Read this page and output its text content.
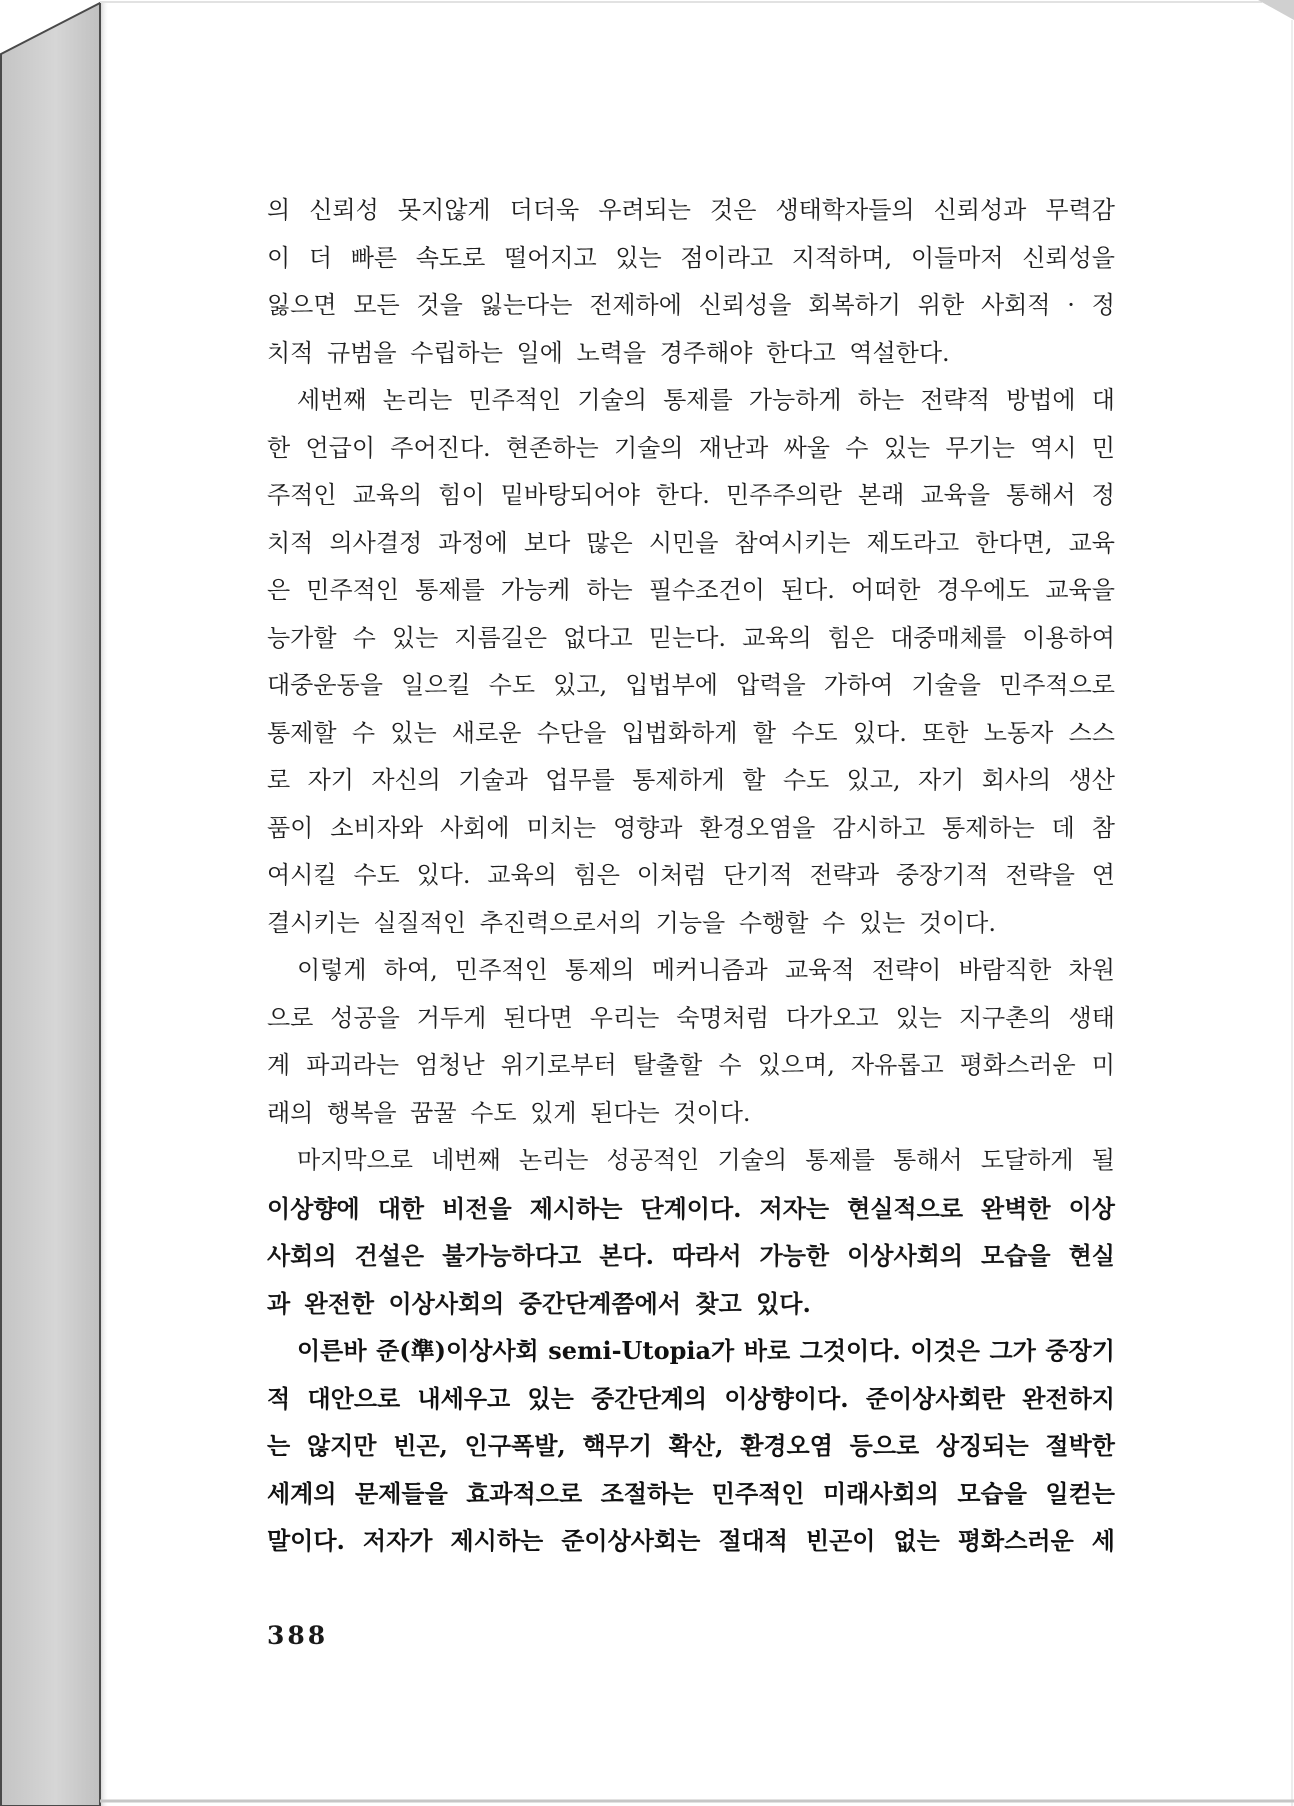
의 신뢰성 못지않게 더더욱 우려되는 것은 생태학자들의 신뢰성과 무력감
이 더 빠른 속도로 떨어지고 있는 점이라고 지적하며, 이들마저 신뢰성을
잃으면 모든 것을 잃는다는 전제하에 신뢰성을 회복하기 위한 사회적 · 정
치적 규범을 수립하는 일에 노력을 경주해야 한다고 역설한다.
세번째 논리는 민주적인 기술의 통제를 가능하게 하는 전략적 방법에 대
한 언급이 주어진다. 현존하는 기술의 재난과 싸울 수 있는 무기는 역시 민
주적인 교육의 힘이 밑바탕되어야 한다. 민주주의란 본래 교육을 통해서 정
치적 의사결정 과정에 보다 많은 시민을 참여시키는 제도라고 한다면, 교육
은 민주적인 통제를 가능케 하는 필수조건이 된다. 어떠한 경우에도 교육을
능가할 수 있는 지름길은 없다고 믿는다. 교육의 힘은 대중매체를 이용하여
대중운동을 일으킬 수도 있고, 입법부에 압력을 가하여 기술을 민주적으로
통제할 수 있는 새로운 수단을 입법화하게 할 수도 있다. 또한 노동자 스스
로 자기 자신의 기술과 업무를 통제하게 할 수도 있고, 자기 회사의 생산
품이 소비자와 사회에 미치는 영향과 환경오염을 감시하고 통제하는 데 참
여시킬 수도 있다. 교육의 힘은 이처럼 단기적 전략과 중장기적 전략을 연
결시키는 실질적인 추진력으로서의 기능을 수행할 수 있는 것이다.
이렇게 하여, 민주적인 통제의 메커니즘과 교육적 전략이 바람직한 차원
으로 성공을 거두게 된다면 우리는 숙명처럼 다가오고 있는 지구촌의 생태
계 파괴라는 엄청난 위기로부터 탈출할 수 있으며, 자유롭고 평화스러운 미
래의 행복을 꿈꿀 수도 있게 된다는 것이다.
마지막으로 네번째 논리는 성공적인 기술의 통제를 통해서 도달하게 될
이상향에 대한 비전을 제시하는 단계이다. 저자는 현실적으로 완벽한 이상
사회의 건설은 불가능하다고 본다. 따라서 가능한 이상사회의 모습을 현실
과 완전한 이상사회의 중간단계쯤에서 찾고 있다.
이른바 준(準)이상사회 semi-Utopia가 바로 그것이다. 이것은 그가 중장기
적 대안으로 내세우고 있는 중간단계의 이상향이다. 준이상사회란 완전하지
는 않지만 빈곤, 인구폭발, 핵무기 확산, 환경오염 등으로 상징되는 절박한
세계의 문제들을 효과적으로 조절하는 민주적인 미래사회의 모습을 일컫는
말이다. 저자가 제시하는 준이상사회는 절대적 빈곤이 없는 평화스러운 세
388
